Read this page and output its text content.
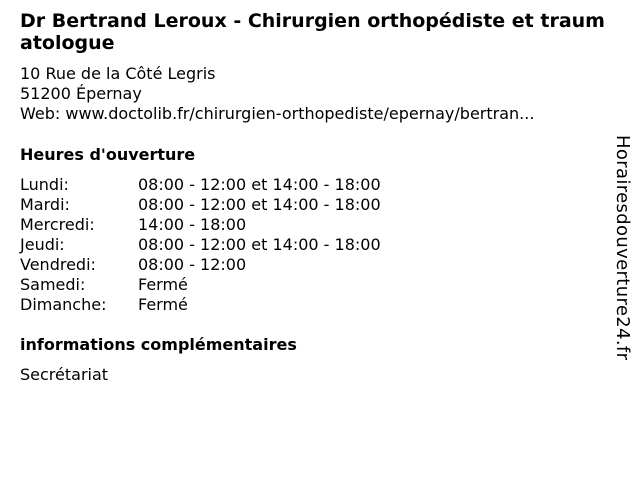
Dr Bertrand Leroux - Chirurgien orthopédiste et traumatologue
10 Rue de la Côté Legris
51200 Épernay
Web: www.doctolib.fr/chirurgien-orthopediste/epernay/bertran...
Heures d'ouverture
Lundi:	08:00 - 12:00 et 14:00 - 18:00
Mardi:	08:00 - 12:00 et 14:00 - 18:00
Mercredi:	14:00 - 18:00
Jeudi:	08:00 - 12:00 et 14:00 - 18:00
Vendredi:	08:00 - 12:00
Samedi:	Fermé
Dimanche:	Fermé
informations complémentaires
Secrétariat
Horairesdouverture24.fr
